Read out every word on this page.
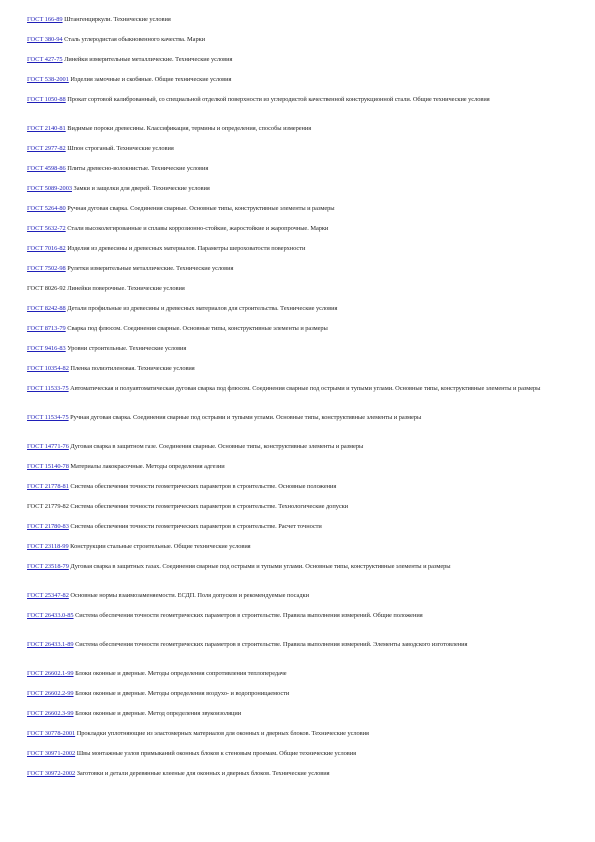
ГОСТ 166-89 Штангенциркули. Технические условия
ГОСТ 380-94 Сталь углеродистая обыкновенного качества. Марки
ГОСТ 427-75 Линейки измерительные металлические. Технические условия
ГОСТ 538-2001 Изделия замочные и скобяные. Общие технические условия
ГОСТ 1050-88 Прокат сортовой калиброванный, со специальной отделкой поверхности из углеродистой качественной конструкционной стали. Общие технические условия
ГОСТ 2140-81 Видимые пороки древесины. Классификация, термины и определения, способы измерения
ГОСТ 2977-82 Шпон строганый. Технические условия
ГОСТ 4598-86 Плиты древесно-волокнистые. Технические условия
ГОСТ 5089-2003 Замки и защелки для дверей. Технические условия
ГОСТ 5264-80 Ручная дуговая сварка. Соединения сварные. Основные типы, конструктивные элементы и размеры
ГОСТ 5632-72 Стали высоколегированные и сплавы коррозионно-стойкие, жаростойкие и жаропрочные. Марки
ГОСТ 7016-82 Изделия из древесины и древесных материалов. Параметры шероховатости поверхности
ГОСТ 7502-98 Рулетки измерительные металлические. Технические условия
ГОСТ 8026-92 Линейки поверочные. Технические условия
ГОСТ 8242-88 Детали профильные из древесины и древесных материалов для строительства. Технические условия
ГОСТ 8713-79 Сварка под флюсом. Соединения сварные. Основные типы, конструктивные элементы и размеры
ГОСТ 9416-83 Уровни строительные. Технические условия
ГОСТ 10354-82 Пленка полиэтиленовая. Технические условия
ГОСТ 11533-75 Автоматическая и полуавтоматическая дуговая сварка под флюсом. Соединения сварные под острыми и тупыми углами. Основные типы, конструктивные элементы и размеры
ГОСТ 11534-75 Ручная дуговая сварка. Соединения сварные под острыми и тупыми углами. Основные типы, конструктивные элементы и размеры
ГОСТ 14771-76 Дуговая сварка в защитном газе. Соединения сварные. Основные типы, конструктивные элементы и размеры
ГОСТ 15140-78 Материалы лакокрасочные. Методы определения адгезии
ГОСТ 21778-81 Система обеспечения точности геометрических параметров в строительстве. Основные положения
ГОСТ 21779-82 Система обеспечения точности геометрических параметров в строительстве. Технологические допуски
ГОСТ 21780-83 Система обеспечения точности геометрических параметров в строительстве. Расчет точности
ГОСТ 23118-99 Конструкции стальные строительные. Общие технические условия
ГОСТ 23518-79 Дуговая сварка в защитных газах. Соединения сварные под острыми и тупыми углами. Основные типы, конструктивные элементы и размеры
ГОСТ 25347-82 Основные нормы взаимозаменяемости. ЕСДП. Поля допусков и рекомендуемые посадки
ГОСТ 26433.0-85 Система обеспечения точности геометрических параметров в строительстве. Правила выполнения измерений. Общие положения
ГОСТ 26433.1-89 Система обеспечения точности геометрических параметров в строительстве. Правила выполнения измерений. Элементы заводского изготовления
ГОСТ 26602.1-99 Блоки оконные и дверные. Методы определения сопротивления теплопередаче
ГОСТ 26602.2-99 Блоки оконные и дверные. Методы определения воздухо- и водопроницаемости
ГОСТ 26602.3-99 Блоки оконные и дверные. Метод определения звукоизоляции
ГОСТ 30778-2001 Прокладки уплотняющие из эластомерных материалов для оконных и дверных блоков. Технические условия
ГОСТ 30971-2002 Швы монтажные узлов примыканий оконных блоков к стеновым проемам. Общие технические условия
ГОСТ 30972-2002 Заготовки и детали деревянные клееные для оконных и дверных блоков. Технические условия
